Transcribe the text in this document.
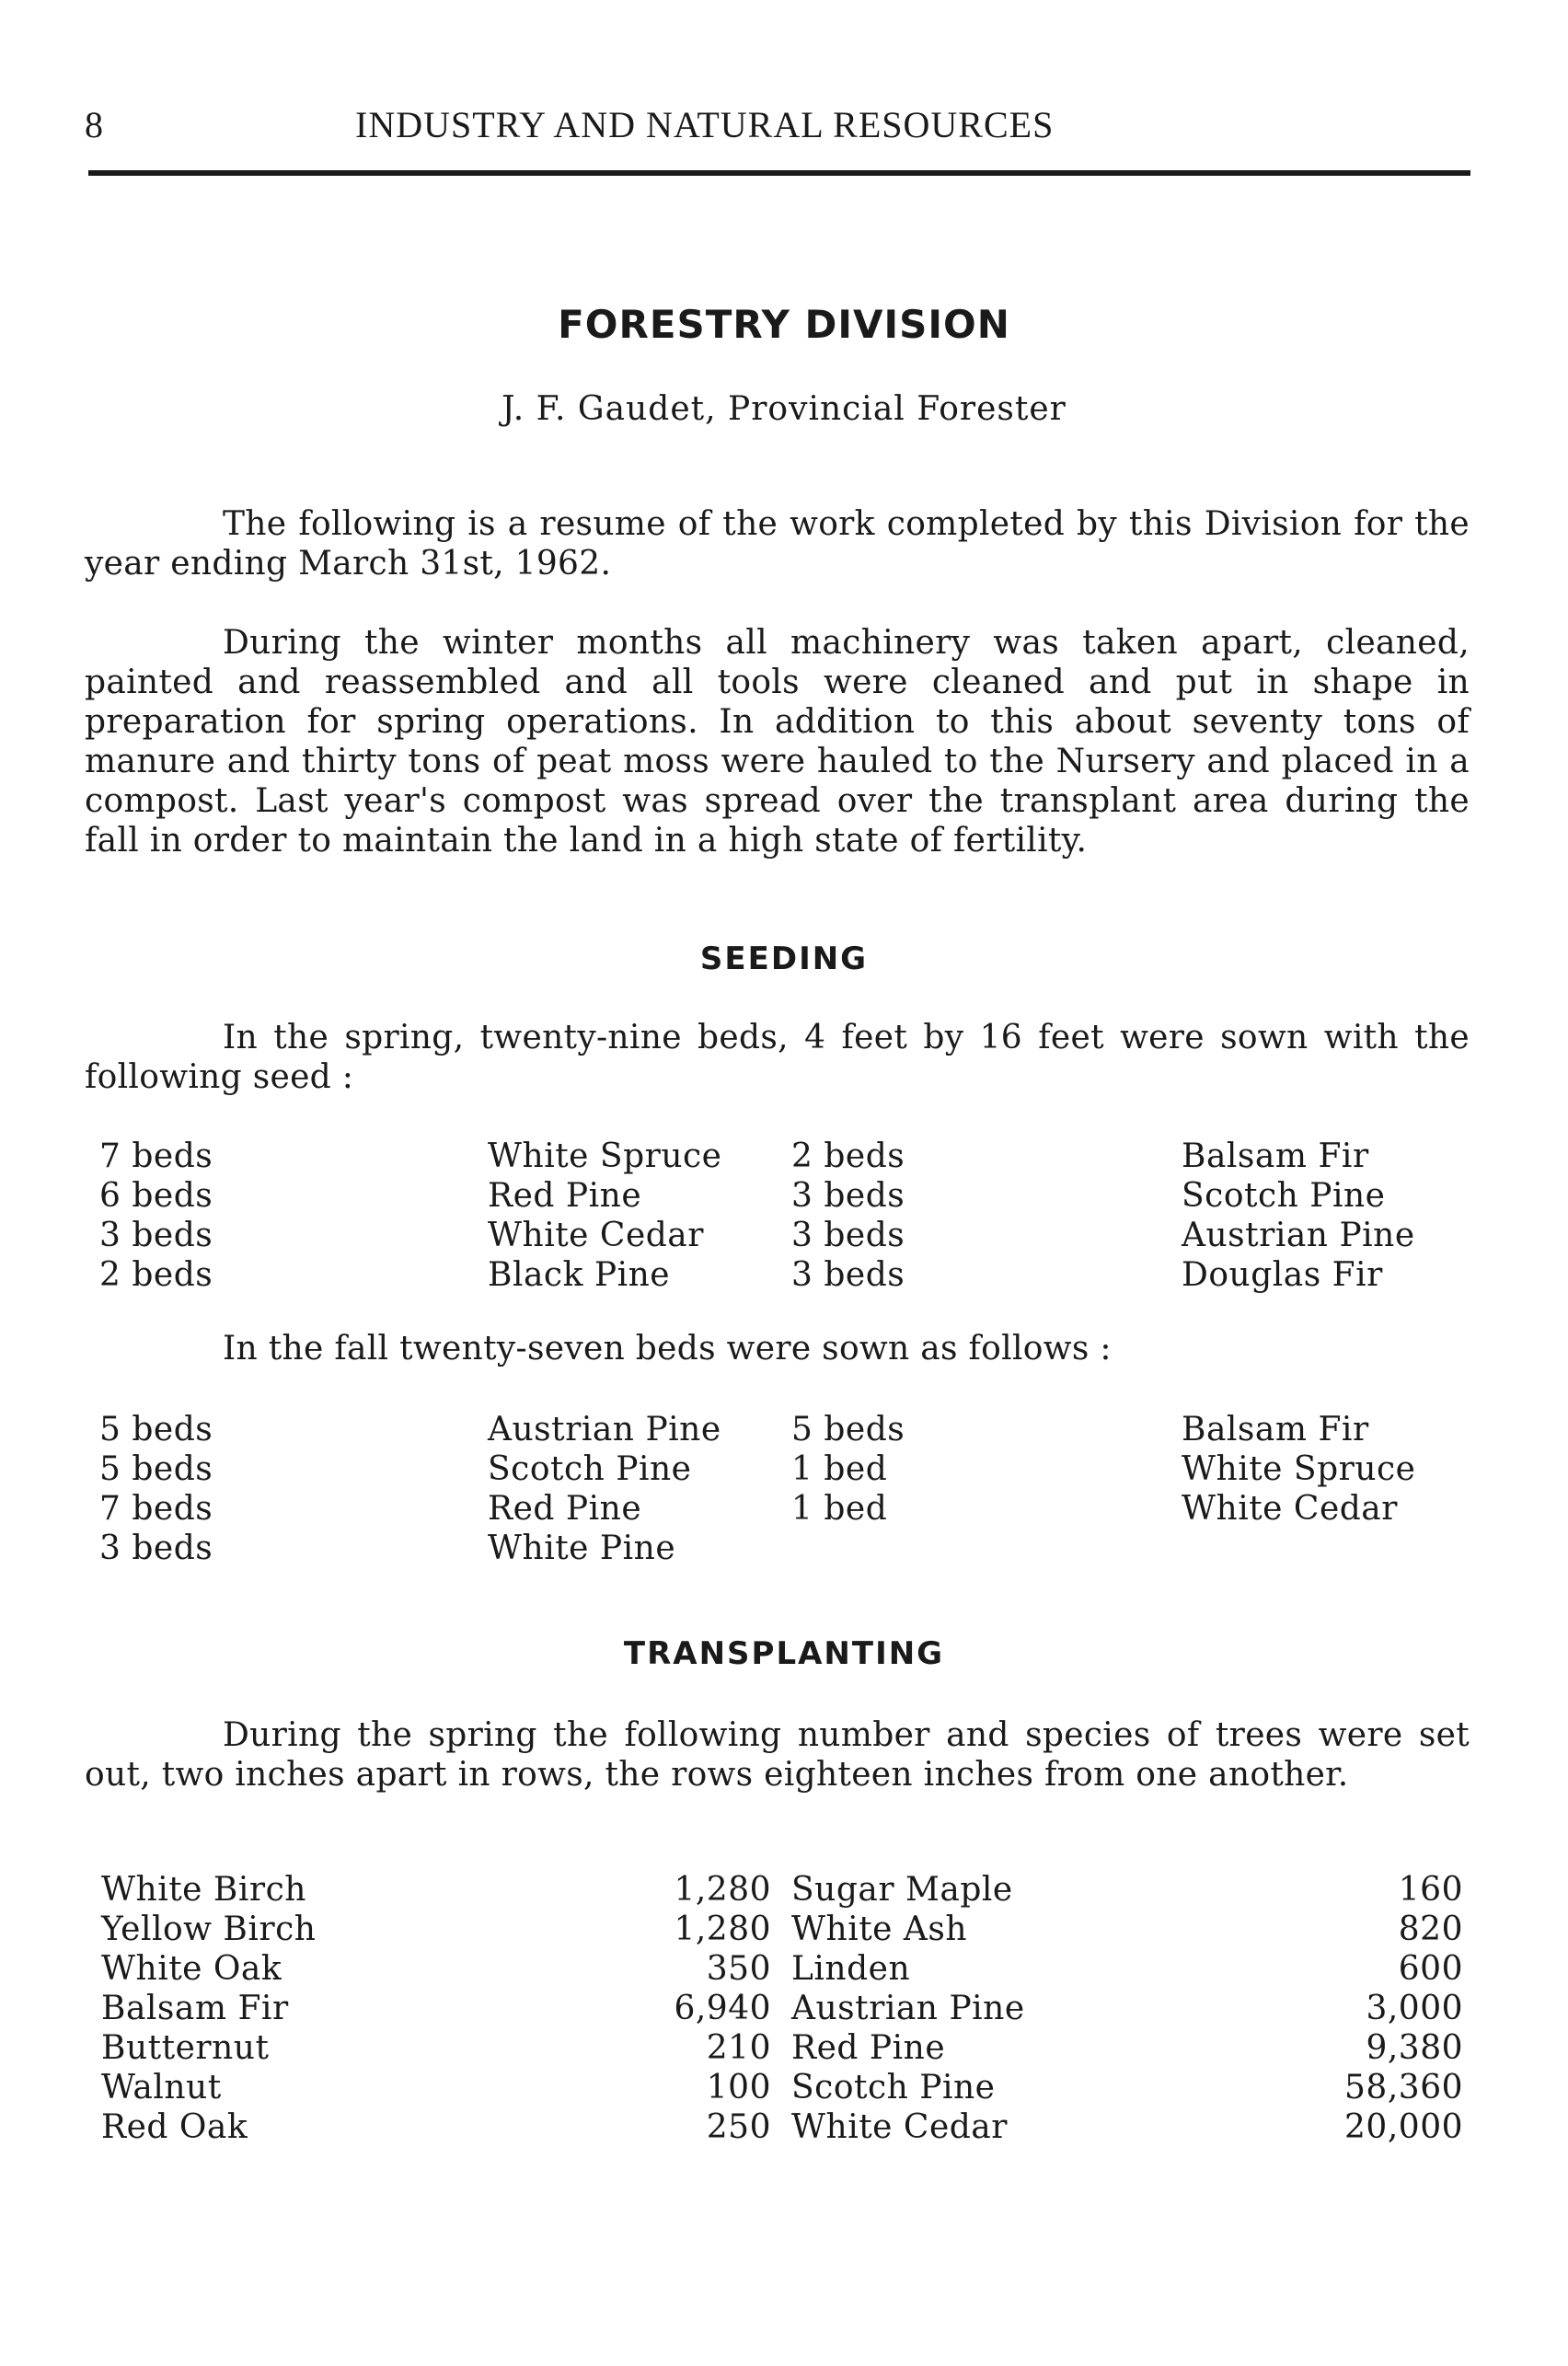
8	INDUSTRY AND NATURAL RESOURCES
FORESTRY DIVISION
J. F. Gaudet, Provincial Forester

The following is a resume of the work completed by this Division for the year ending March 31st, 1962.

During the winter months all machinery was taken apart, cleaned, painted and reassembled and all tools were cleaned and put in shape in preparation for spring operations. In addition to this about seventy tons of manure and thirty tons of peat moss were hauled to the Nursery and placed in a compost. Last year's compost was spread over the transplant area during the fall in order to maintain the land in a high state of fertility.

SEEDING

In the spring, twenty-nine beds, 4 feet by 16 feet were sown with the following seed :

7 beds	White Spruce 2 beds	Balsam Fir
6 beds	Red Pine	3 beds	Scotch Pine
3 beds	White Cedar	3 beds	Austrian Pine
2 beds	Black Pine	3 beds	Douglas Fir

In the fall twenty-seven beds were sown as follows :

5 beds	Austrian Pine 5 beds	Balsam Fir
5 beds	Scotch Pine	1 bed	White Spruce
7 beds	Red Pine	1 bed	White Cedar
3 beds	White Pine
TRANSPLANTING

During the spring the following number and species of trees were set out, two inches apart in rows, the rows eighteen inches from one another.

White Birch	1,280 Sugar Maple	160
Yellow Birch	1,280 White Ash	820
White Oak	350 Linden	600
Balsam Fir	6,940 Austrian Pine	3,000
Butternut	210 Red Pine	9,380
Walnut	100 Scotch Pine	58,360
Red Oak	250 White Cedar	20,000
